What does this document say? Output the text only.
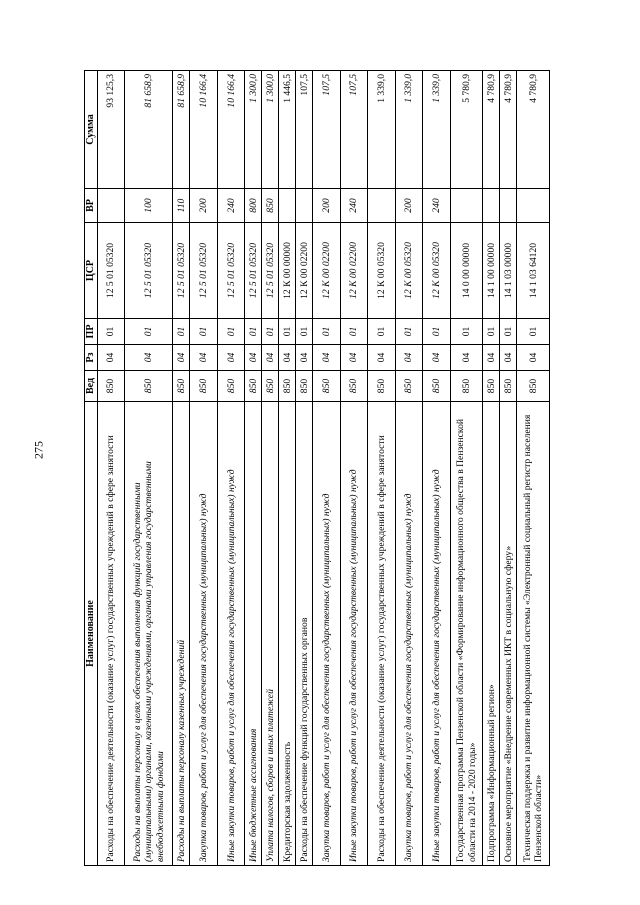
275
Наименование	Вед	Рз	ПР	ЦСР	ВР	Сумма
Расходы на обеспечение деятельности (оказание услуг) государственных учреждений в сфере занятости	850	04	01	12 5 01 05320		93 125,3
Расходы на выплаты персоналу в целях обеспечения выполнения функций государственными (муниципальными) органами, казенными учреждениями, органами управления государственными внебюджетными фондами	850	04	01	12 5 01 05320	100	81 658,9
Расходы на выплаты персоналу казенных учреждений	850	04	01	12 5 01 05320	110	81 658,9
Закупка товаров, работ и услуг для обеспечения государственных (муниципальных) нужд	850	04	01	12 5 01 05320	200	10 166,4
Иные закупки товаров, работ и услуг для обеспечения государственных (муниципальных) нужд	850	04	01	12 5 01 05320	240	10 166,4
Иные бюджетные ассигнования	850	04	01	12 5 01 05320	800	1 300,0
Уплата налогов, сборов и иных платежей	850	04	01	12 5 01 05320	850	1 300,0
Кредиторская задолженность	850	04	01	12 К 00 00000		1 446,5
Расходы на обеспечение функций государственных органов	850	04	01	12 К 00 02200		107,5
Закупка товаров, работ и услуг для обеспечения государственных (муниципальных) нужд	850	04	01	12 К 00 02200	200	107,5
Иные закупки товаров, работ и услуг для обеспечения государственных (муниципальных) нужд	850	04	01	12 К 00 02200	240	107,5
Расходы на обеспечение деятельности (оказание услуг) государственных учреждений в сфере занятости	850	04	01	12 К 00 05320		1 339,0
Закупка товаров, работ и услуг для обеспечения государственных (муниципальных) нужд	850	04	01	12 К 00 05320	200	1 339,0
Иные закупки товаров, работ и услуг для обеспечения государственных (муниципальных) нужд	850	04	01	12 К 00 05320	240	1 339,0
Государственная программа Пензенской области «Формирование информационного общества в Пензенской области на 2014 - 2020 годы»	850	04	01	14 0 00 00000		5 780,9
Подпрограмма «Информационный регион»	850	04	01	14 1 00 00000		4 780,9
Основное мероприятие «Внедрение современных ИКТ в социальную сферу»	850	04	01	14 1 03 00000		4 780,9
Техническая поддержка и развитие информационной системы «Электронный социальный регистр населения Пензенской области»	850	04	01	14 1 03 64120		4 780,9
